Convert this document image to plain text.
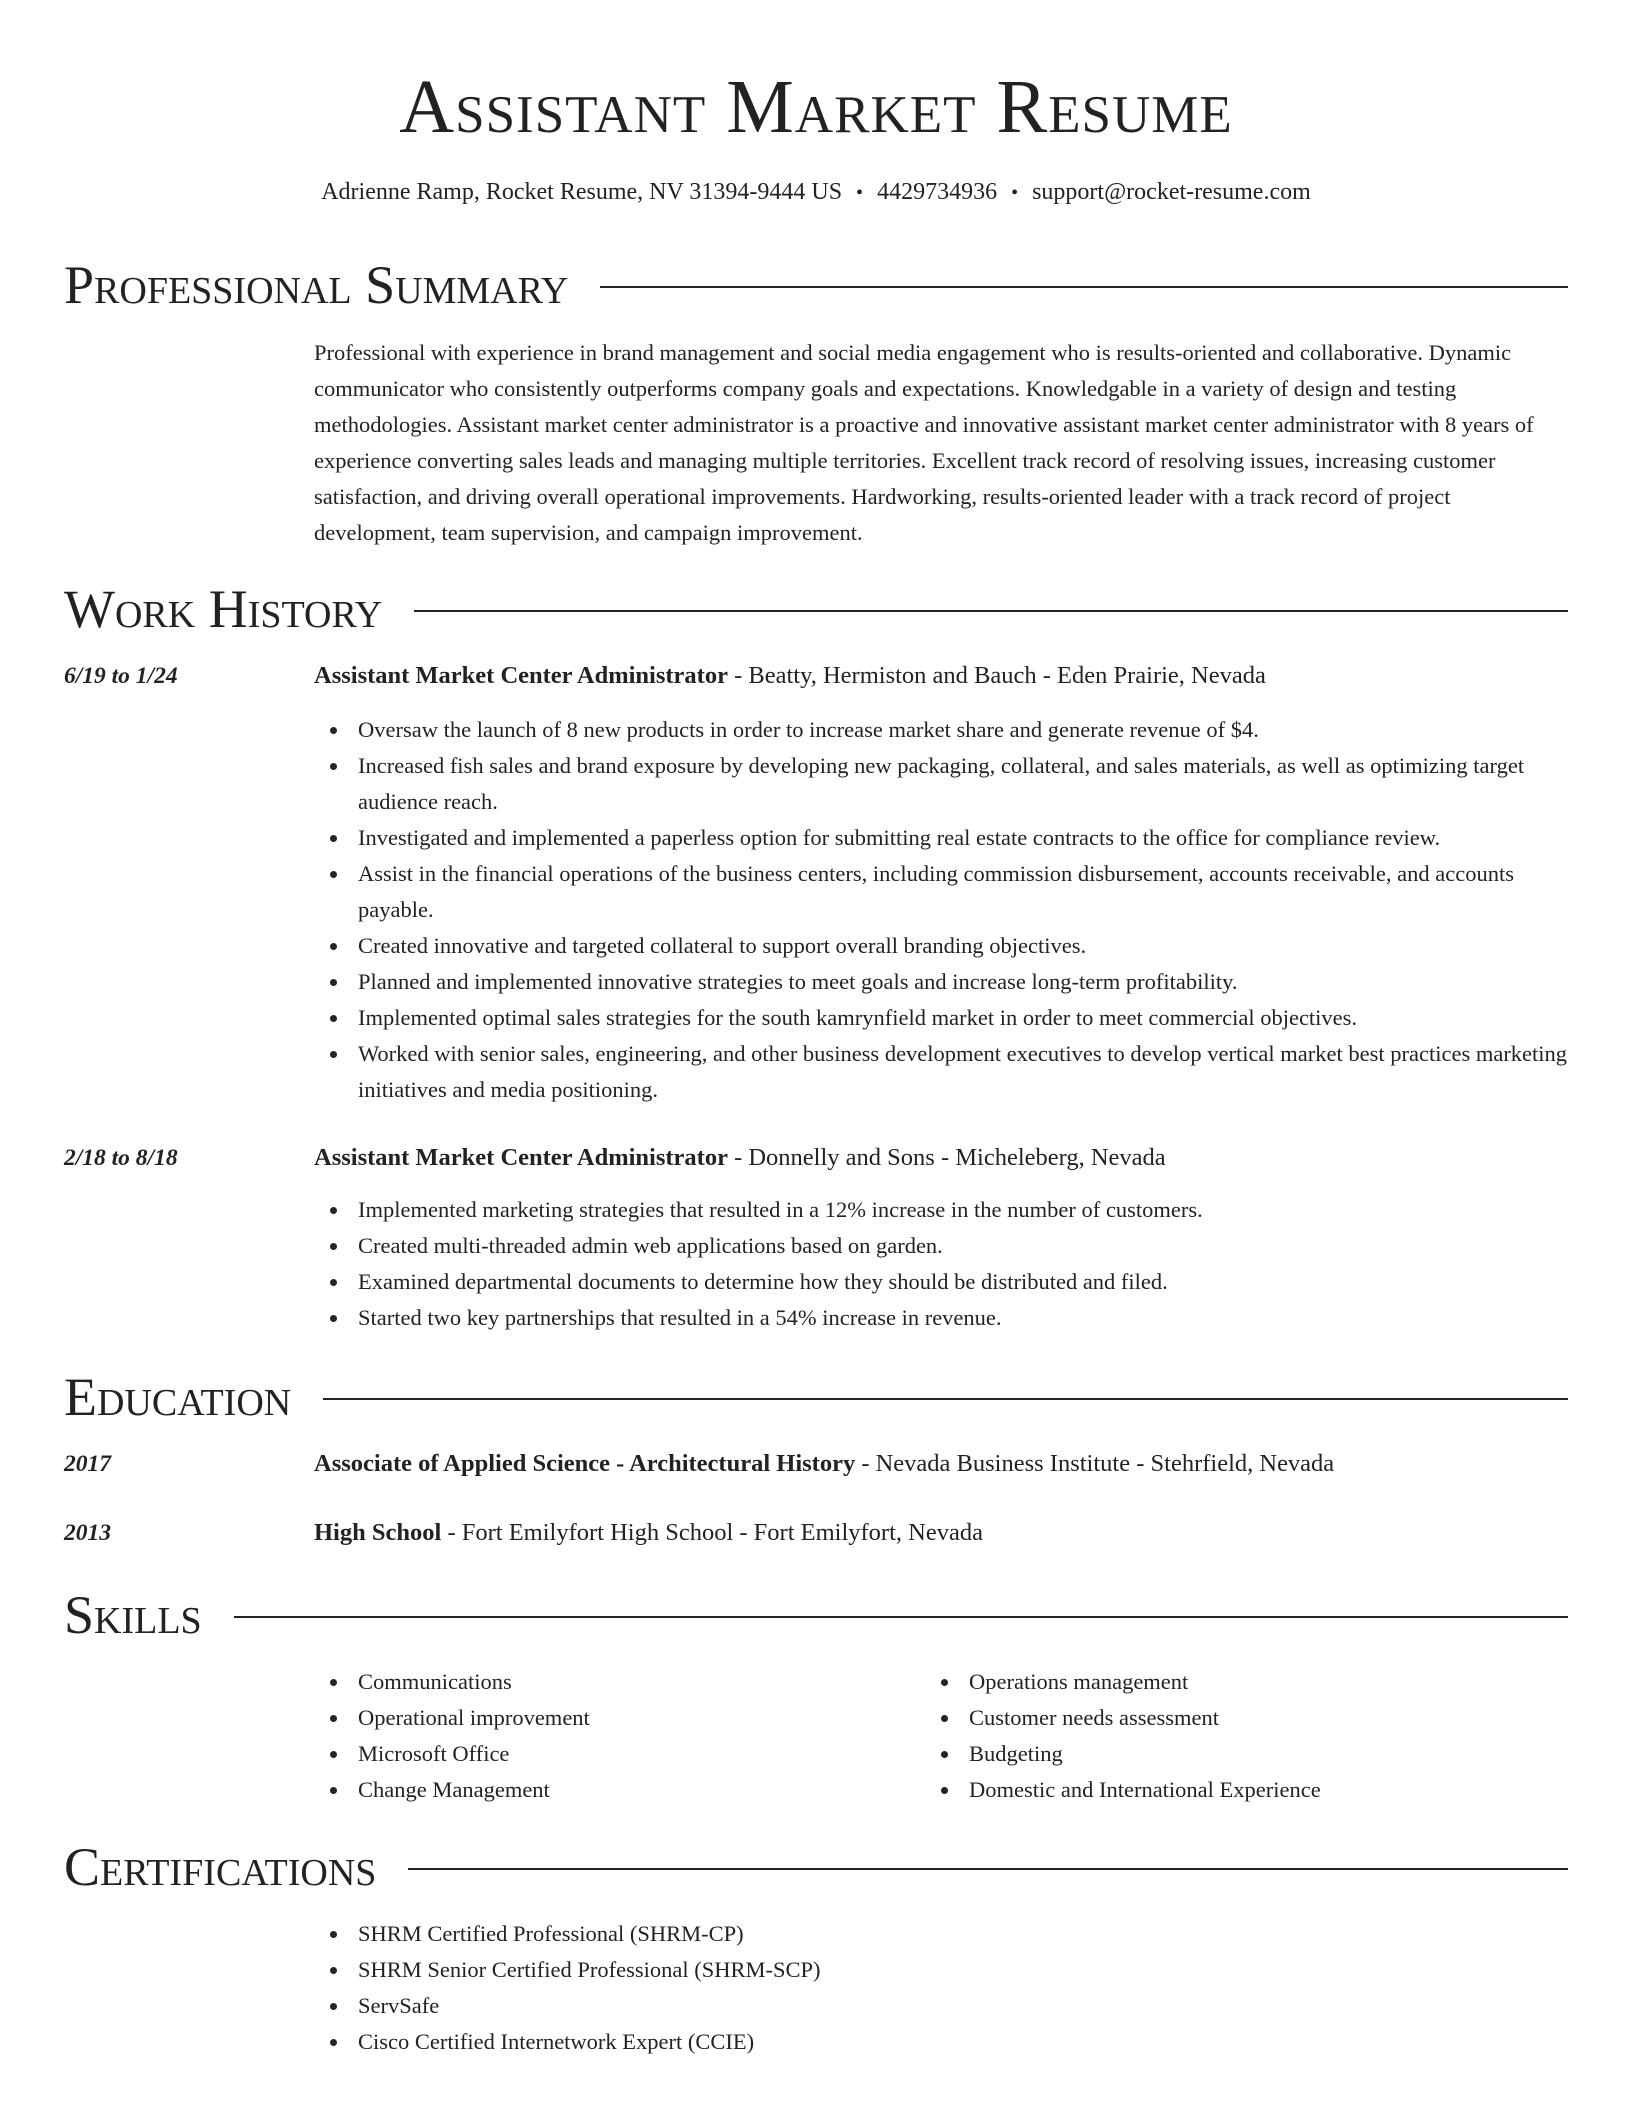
Assistant Market Resume
Adrienne Ramp, Rocket Resume, NV 31394-9444 US • 4429734936 • support@rocket-resume.com
Professional Summary

Professional with experience in brand management and social media engagement who is results-oriented and collaborative. Dynamic communicator who consistently outperforms company goals and expectations. Knowledgable in a variety of design and testing methodologies. Assistant market center administrator is a proactive and innovative assistant market center administrator with 8 years of experience converting sales leads and managing multiple territories. Excellent track record of resolving issues, increasing customer satisfaction, and driving overall operational improvements. Hardworking, results-oriented leader with a track record of project development, team supervision, and campaign improvement.

Work History
6/19 to 1/24	Assistant Market Center Administrator - Beatty, Hermiston and Bauch - Eden Prairie, Nevada
Oversaw the launch of 8 new products in order to increase market share and generate revenue of $4.
Increased fish sales and brand exposure by developing new packaging, collateral, and sales materials, as well as optimizing target audience reach.
Investigated and implemented a paperless option for submitting real estate contracts to the office for compliance review.
Assist in the financial operations of the business centers, including commission disbursement, accounts receivable, and accounts payable.
Created innovative and targeted collateral to support overall branding objectives.
Planned and implemented innovative strategies to meet goals and increase long-term profitability.
Implemented optimal sales strategies for the south kamrynfield market in order to meet commercial objectives.
Worked with senior sales, engineering, and other business development executives to develop vertical market best practices marketing initiatives and media positioning.
2/18 to 8/18	Assistant Market Center Administrator - Donnelly and Sons - Micheleberg, Nevada
Implemented marketing strategies that resulted in a 12% increase in the number of customers.
Created multi-threaded admin web applications based on garden.
Examined departmental documents to determine how they should be distributed and filed.
Started two key partnerships that resulted in a 54% increase in revenue.
Education
2017	Associate of Applied Science - Architectural History - Nevada Business Institute - Stehrfield, Nevada
2013	High School - Fort Emilyfort High School - Fort Emilyfort, Nevada
Skills
Communications
Operational improvement
Microsoft Office
Change Management
Operations management
Customer needs assessment
Budgeting
Domestic and International Experience
Certifications
SHRM Certified Professional (SHRM-CP)
SHRM Senior Certified Professional (SHRM-SCP)
ServSafe
Cisco Certified Internetwork Expert (CCIE)
